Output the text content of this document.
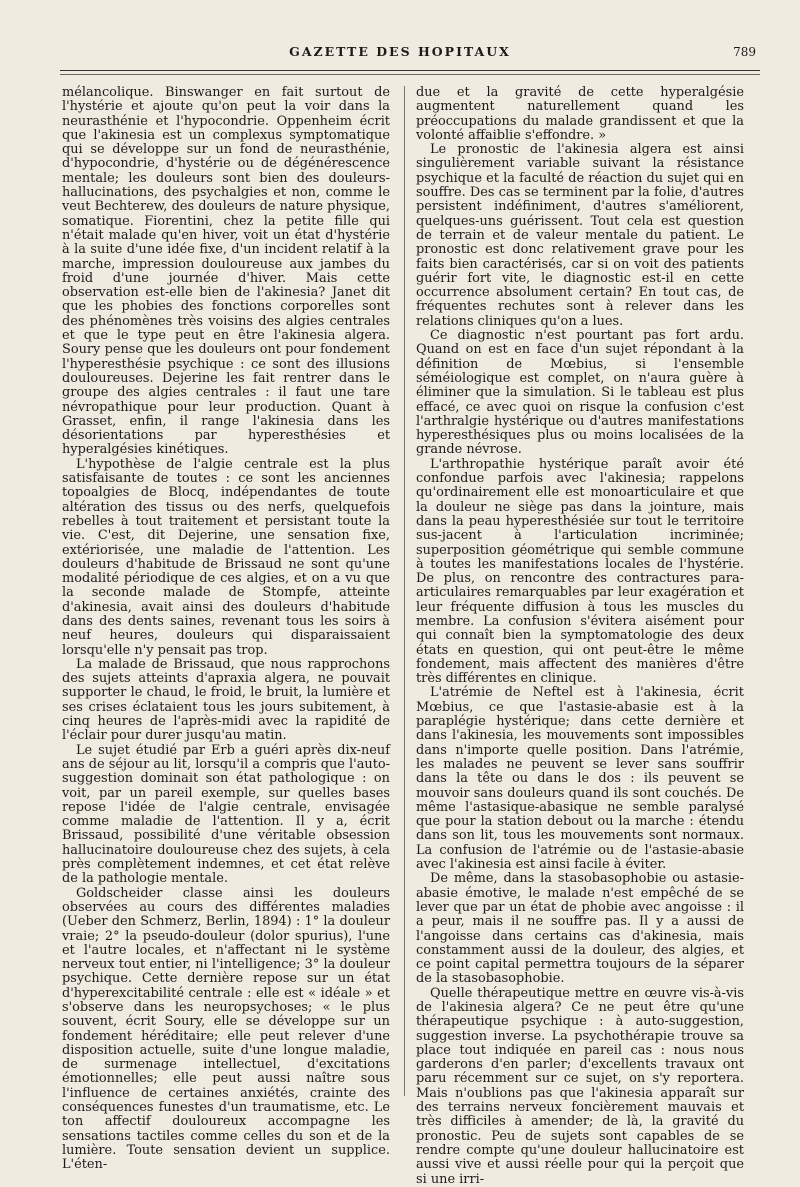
GAZETTE DES HOPITAUX	789

mélancolique. Binswanger en fait surtout de l'hystérie et ajoute qu'on peut la voir dans la neurasthénie et l'hypocondrie. Oppenheim écrit que l'akinesia est un complexus symptomatique qui se développe sur un fond de neurasthénie, d'hypocondrie, d'hystérie ou de dégénérescence mentale; les douleurs sont bien des douleurs-hallucinations, des psychalgies et non, comme le veut Bechterew, des douleurs de nature physique, somatique. Fiorentini, chez la petite fille qui n'était malade qu'en hiver, voit un état d'hystérie à la suite d'une idée fixe, d'un incident relatif à la marche, impression douloureuse aux jambes du froid d'une journée d'hiver. Mais cette observation est-elle bien de l'akinesia? Janet dit que les phobies des fonctions corporelles sont des phénomènes très voisins des algies centrales et que le type peut en être l'akinesia algera. Soury pense que les douleurs ont pour fondement l'hyperesthésie psychique : ce sont des illusions douloureuses. Dejerine les fait rentrer dans le groupe des algies centrales : il faut une tare névropathique pour leur production. Quant à Grasset, enfin, il range l'akinesia dans les désorientations par hyperesthésies et hyperalgésies kinétiques.

L'hypothèse de l'algie centrale est la plus satisfaisante de toutes : ce sont les anciennes topoalgies de Blocq, indépendantes de toute altération des tissus ou des nerfs, quelquefois rebelles à tout traitement et persistant toute la vie. C'est, dit Dejerine, une sensation fixe, extériorisée, une maladie de l'attention. Les douleurs d'habitude de Brissaud ne sont qu'une modalité périodique de ces algies, et on a vu que la seconde malade de Stompfe, atteinte d'akinesia, avait ainsi des douleurs d'habitude dans des dents saines, revenant tous les soirs à neuf heures, douleurs qui disparaissaient lorsqu'elle n'y pensait pas trop.

La malade de Brissaud, que nous rapprochons des sujets atteints d'apraxia algera, ne pouvait supporter le chaud, le froid, le bruit, la lumière et ses crises éclataient tous les jours subitement, à cinq heures de l'après-midi avec la rapidité de l'éclair pour durer jusqu'au matin.

Le sujet étudié par Erb a guéri après dix-neuf ans de séjour au lit, lorsqu'il a compris que l'auto-suggestion dominait son état pathologique : on voit, par un pareil exemple, sur quelles bases repose l'idée de l'algie centrale, envisagée comme maladie de l'attention. Il y a, écrit Brissaud, possibilité d'une véritable obsession hallucinatoire douloureuse chez des sujets, à cela près complètement indemnes, et cet état relève de la pathologie mentale.

Goldscheider classe ainsi les douleurs observées au cours des différentes maladies (Ueber den Schmerz, Berlin, 1894) : 1° la douleur vraie; 2° la pseudo-douleur (dolor spurius), l'une et l'autre locales, et n'affectant ni le système nerveux tout entier, ni l'intelligence; 3° la douleur psychique. Cette dernière repose sur un état d'hyperexcitabilité centrale : elle est « idéale » et s'observe dans les neuropsychoses; « le plus souvent, écrit Soury, elle se développe sur un fondement héréditaire; elle peut relever d'une disposition actuelle, suite d'une longue maladie, de surmenage intellectuel, d'excitations émotionnelles; elle peut aussi naître sous l'influence de certaines anxiétés, crainte des conséquences funestes d'un traumatisme, etc. Le ton affectif douloureux accompagne les sensations tactiles comme celles du son et de la lumière. Toute sensation devient un supplice. L'éten-

due et la gravité de cette hyperalgésie augmentent naturellement quand les préoccupations du malade grandissent et que la volonté affaiblie s'effondre. »

Le pronostic de l'akinesia algera est ainsi singulièrement variable suivant la résistance psychique et la faculté de réaction du sujet qui en souffre. Des cas se terminent par la folie, d'autres persistent indéfiniment, d'autres s'améliorent, quelques-uns guérissent. Tout cela est question de terrain et de valeur mentale du patient. Le pronostic est donc relativement grave pour les faits bien caractérisés, car si on voit des patients guérir fort vite, le diagnostic est-il en cette occurrence absolument certain? En tout cas, de fréquentes rechutes sont à relever dans les relations cliniques qu'on a lues.

Ce diagnostic n'est pourtant pas fort ardu. Quand on est en face d'un sujet répondant à la définition de Mœbius, si l'ensemble séméiologique est complet, on n'aura guère à éliminer que la simulation. Si le tableau est plus effacé, ce avec quoi on risque la confusion c'est l'arthralgie hystérique ou d'autres manifestations hyperesthésiques plus ou moins localisées de la grande névrose.

L'arthropathie hystérique paraît avoir été confondue parfois avec l'akinesia; rappelons qu'ordinairement elle est monoarticulaire et que la douleur ne siège pas dans la jointure, mais dans la peau hyperesthésiée sur tout le territoire sus-jacent à l'articulation incriminée; superposition géométrique qui semble commune à toutes les manifestations locales de l'hystérie. De plus, on rencontre des contractures para-articulaires remarquables par leur exagération et leur fréquente diffusion à tous les muscles du membre. La confusion s'évitera aisément pour qui connaît bien la symptomatologie des deux états en question, qui ont peut-être le même fondement, mais affectent des manières d'être très différentes en clinique.

L'atrémie de Neftel est à l'akinesia, écrit Mœbius, ce que l'astasie-abasie est à la paraplégie hystérique; dans cette dernière et dans l'akinesia, les mouvements sont impossibles dans n'importe quelle position. Dans l'atrémie, les malades ne peuvent se lever sans souffrir dans la tête ou dans le dos : ils peuvent se mouvoir sans douleurs quand ils sont couchés. De même l'astasique-abasique ne semble paralysé que pour la station debout ou la marche : étendu dans son lit, tous les mouvements sont normaux. La confusion de l'atrémie ou de l'astasie-abasie avec l'akinesia est ainsi facile à éviter.

De même, dans la stasobasophobie ou astasie-abasie émotive, le malade n'est empêché de se lever que par un état de phobie avec angoisse : il a peur, mais il ne souffre pas. Il y a aussi de l'angoisse dans certains cas d'akinesia, mais constamment aussi de la douleur, des algies, et ce point capital permettra toujours de la séparer de la stasobasophobie.

Quelle thérapeutique mettre en œuvre vis-à-vis de l'akinesia algera? Ce ne peut être qu'une thérapeutique psychique : à auto-suggestion, suggestion inverse. La psychothérapie trouve sa place tout indiquée en pareil cas : nous nous garderons d'en parler; d'excellents travaux ont paru récemment sur ce sujet, on s'y reportera. Mais n'oublions pas que l'akinesia apparaît sur des terrains nerveux foncièrement mauvais et très difficiles à amender; de là, la gravité du pronostic. Peu de sujets sont capables de se rendre compte qu'une douleur hallucinatoire est aussi vive et aussi réelle pour qui la perçoit que si une irri-
